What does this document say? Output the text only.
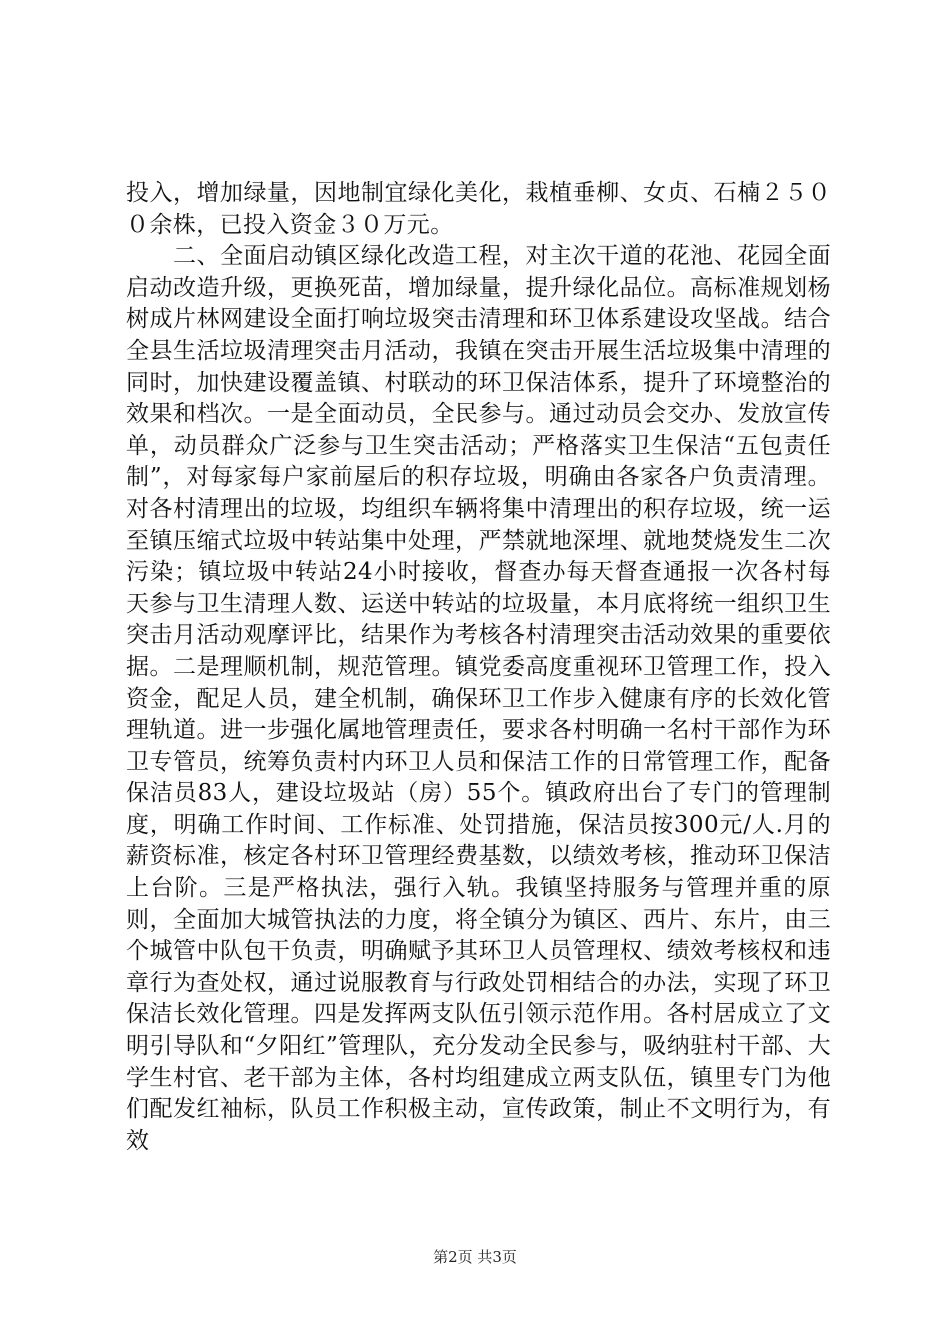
投入，增加绿量，因地制宜绿化美化，栽植垂柳、女贞、石楠２５００余株，已投入资金３０万元。

二、全面启动镇区绿化改造工程，对主次干道的花池、花园全面启动改造升级，更换死苗，增加绿量，提升绿化品位。高标准规划杨树成片林网建设全面打响垃圾突击清理和环卫体系建设攻坚战。结合全县生活垃圾清理突击月活动，我镇在突击开展生活垃圾集中清理的同时，加快建设覆盖镇、村联动的环卫保洁体系，提升了环境整治的效果和档次。一是全面动员，全民参与。通过动员会交办、发放宣传单，动员群众广泛参与卫生突击活动；严格落实卫生保洁“五包责任制”，对每家每户家前屋后的积存垃圾，明确由各家各户负责清理。对各村清理出的垃圾，均组织车辆将集中清理出的积存垃圾，统一运至镇压缩式垃圾中转站集中处理，严禁就地深埋、就地焚烧发生二次污染；镇垃圾中转站24小时接收，督查办每天督查通报一次各村每天参与卫生清理人数、运送中转站的垃圾量，本月底将统一组织卫生突击月活动观摩评比，结果作为考核各村清理突击活动效果的重要依据。二是理顺机制，规范管理。镇党委高度重视环卫管理工作，投入资金，配足人员，建全机制，确保环卫工作步入健康有序的长效化管理轨道。进一步强化属地管理责任，要求各村明确一名村干部作为环卫专管员，统筹负责村内环卫人员和保洁工作的日常管理工作，配备保洁员83人，建设垃圾站（房）55个。镇政府出台了专门的管理制度，明确工作时间、工作标准、处罚措施，保洁员按300元/人.月的薪资标准，核定各村环卫管理经费基数，以绩效考核，推动环卫保洁上台阶。三是严格执法，强行入轨。我镇坚持服务与管理并重的原则，全面加大城管执法的力度，将全镇分为镇区、西片、东片，由三个城管中队包干负责，明确赋予其环卫人员管理权、绩效考核权和违章行为查处权，通过说服教育与行政处罚相结合的办法，实现了环卫保洁长效化管理。四是发挥两支队伍引领示范作用。各村居成立了文明引导队和“夕阳红”管理队，充分发动全民参与，吸纳驻村干部、大学生村官、老干部为主体，各村均组建成立两支队伍，镇里专门为他们配发红袖标，队员工作积极主动，宣传政策，制止不文明行为，有效

第2页 共3页
